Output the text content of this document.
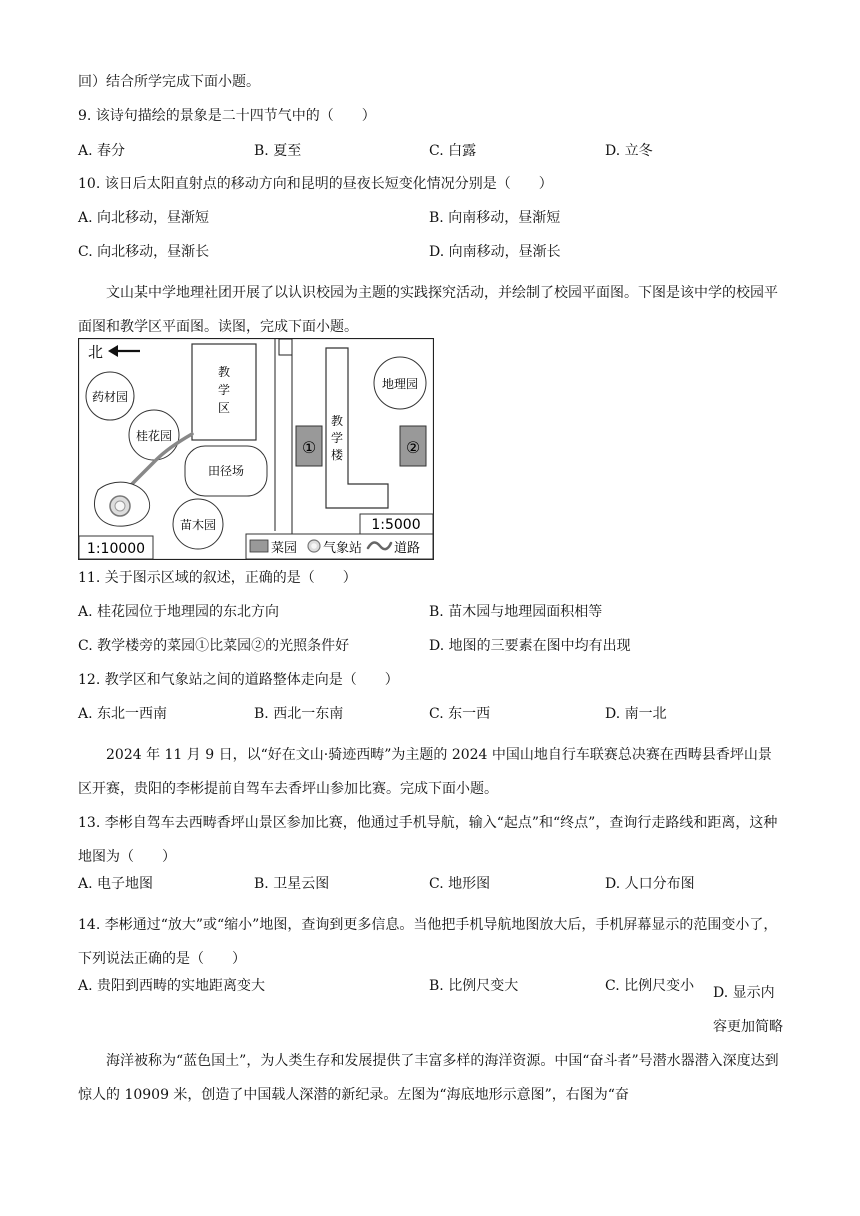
回）结合所学完成下面小题。
9. 该诗句描绘的景象是二十四节气中的（　　）
A. 春分	B. 夏至	C. 白露	D. 立冬
10. 该日后太阳直射点的移动方向和昆明的昼夜长短变化情况分别是（　　）
A. 向北移动，昼渐短	B. 向南移动，昼渐短
C. 向北移动，昼渐长	D. 向南移动，昼渐长
文山某中学地理社团开展了以认识校园为主题的实践探究活动，并绘制了校园平面图。下图是该中学的校园平面图和教学区平面图。读图，完成下面小题。
北
药材园
桂花园
教
学
区
田径场
苗木园
教
学
楼
①	②
地理园
1:5000
1:10000	菜园 气象站 道路
11. 关于图示区域的叙述，正确的是（　　）
A. 桂花园位于地理园的东北方向	B. 苗木园与地理园面积相等
C. 教学楼旁的菜园①比菜园②的光照条件好	D. 地图的三要素在图中均有出现
12. 教学区和气象站之间的道路整体走向是（　　）
A. 东北一西南	B. 西北一东南	C. 东一西	D. 南一北
2024 年 11 月 9 日，以“好在文山·骑迹西畴”为主题的 2024 中国山地自行车联赛总决赛在西畴县香坪山景区开赛，贵阳的李彬提前自驾车去香坪山参加比赛。完成下面小题。
13. 李彬自驾车去西畴香坪山景区参加比赛，他通过手机导航，输入“起点”和“终点”，查询行走路线和距离，这种地图为（　　）
A. 电子地图	B. 卫星云图	C. 地形图	D. 人口分布图
14. 李彬通过“放大”或“缩小”地图，查询到更多信息。当他把手机导航地图放大后，手机屏幕显示的范围变小了，下列说法正确的是（　　）
A. 贵阳到西畴的实地距离变大	B. 比例尺变大	C. 比例尺变小 D. 显示内容更加简略
海洋被称为“蓝色国土”，为人类生存和发展提供了丰富多样的海洋资源。中国“奋斗者”号潜水器潜入深度达到惊人的 10909 米，创造了中国载人深潜的新纪录。左图为“海底地形示意图”，右图为“奋
